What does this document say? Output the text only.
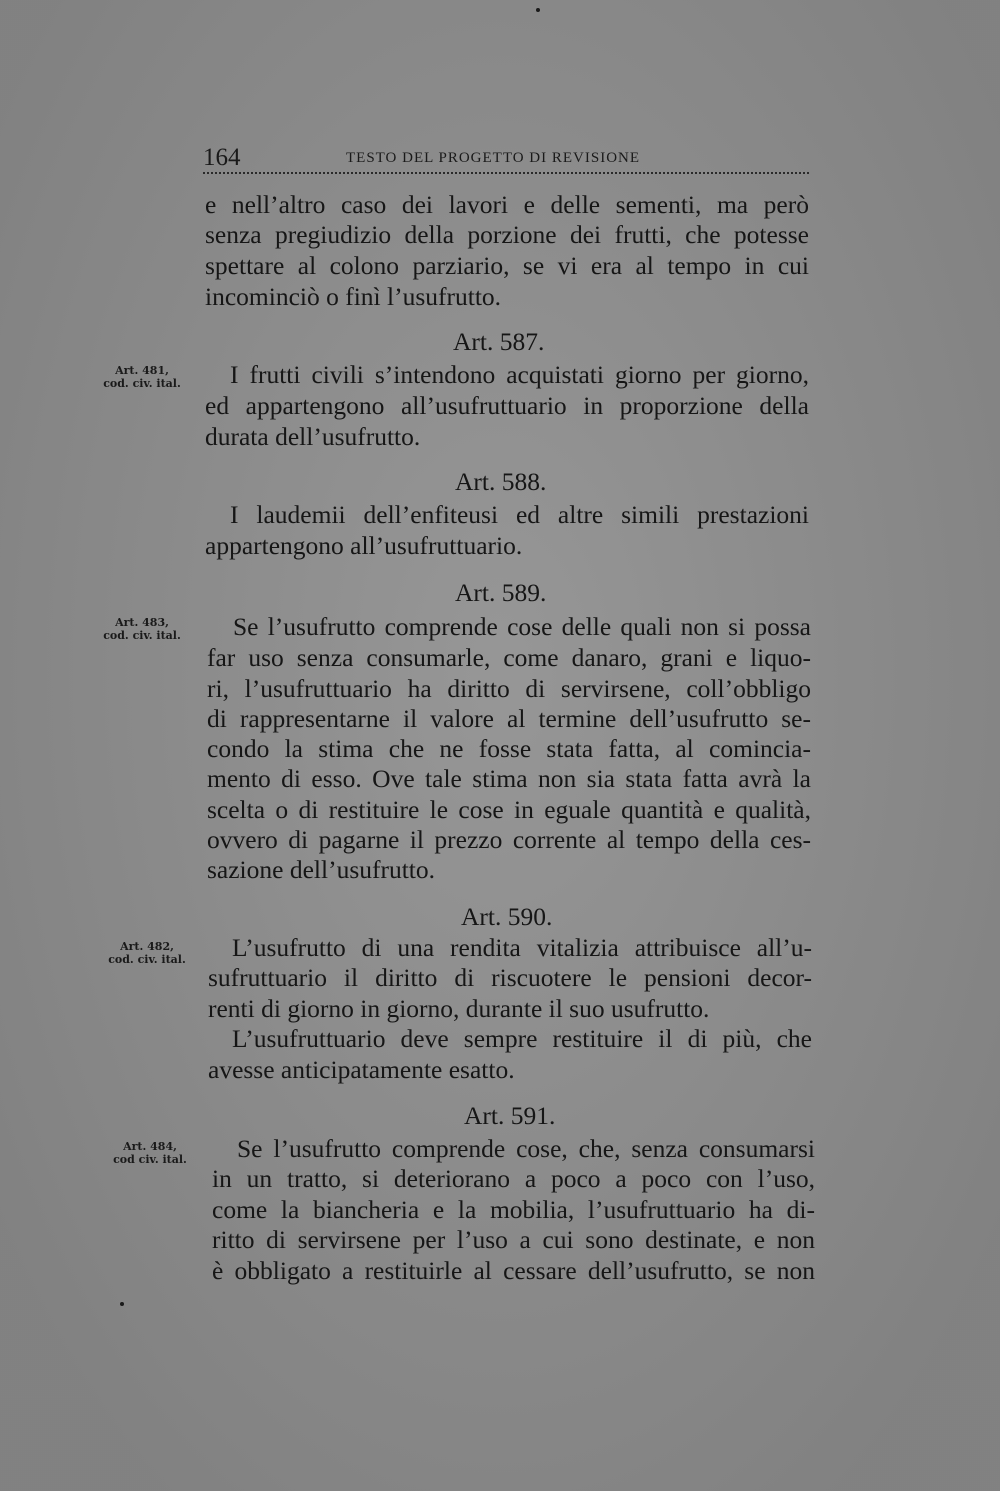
164	TESTO DEL PROGETTO DI REVISIONE
e nell’altro caso dei lavori e delle sementi, ma però
senza pregiudizio della porzione dei frutti, che potesse
spettare al colono parziario, se vi era al tempo in cui
incominciò o finì l’usufrutto.
Art. 587.
Art. 481,
cod. civ. ital.	I frutti civili s’intendono acquistati giorno per giorno,
ed appartengono all’usufruttuario in proporzione della
durata dell’usufrutto.
Art. 588.
I laudemii dell’enfiteusi ed altre simili prestazioni
appartengono all’usufruttuario.
Art. 589.
Art. 483,
cod. civ. ital.	Se l’usufrutto comprende cose delle quali non si possa
far uso senza consumarle, come danaro, grani e liquo-
ri, l’usufruttuario ha diritto di servirsene, coll’obbligo
di rappresentarne il valore al termine dell’usufrutto se-
condo la stima che ne fosse stata fatta, al comincia-
mento di esso. Ove tale stima non sia stata fatta avrà la
scelta o di restituire le cose in eguale quantità e qualità,
ovvero di pagarne il prezzo corrente al tempo della ces-
sazione dell’usufrutto.
Art. 590.
Art. 482,
cod. civ. ital.	L’usufrutto di una rendita vitalizia attribuisce all’u-
sufruttuario il diritto di riscuotere le pensioni decor-
renti di giorno in giorno, durante il suo usufrutto.
L’usufruttuario deve sempre restituire il di più, che
avesse anticipatamente esatto.
Art. 591.
Art. 484,
cod civ. ital.	Se l’usufrutto comprende cose, che, senza consumarsi
in un tratto, si deteriorano a poco a poco con l’uso,
come la biancheria e la mobilia, l’usufruttuario ha di-
ritto di servirsene per l’uso a cui sono destinate, e non
è obbligato a restituirle al cessare dell’usufrutto, se non
